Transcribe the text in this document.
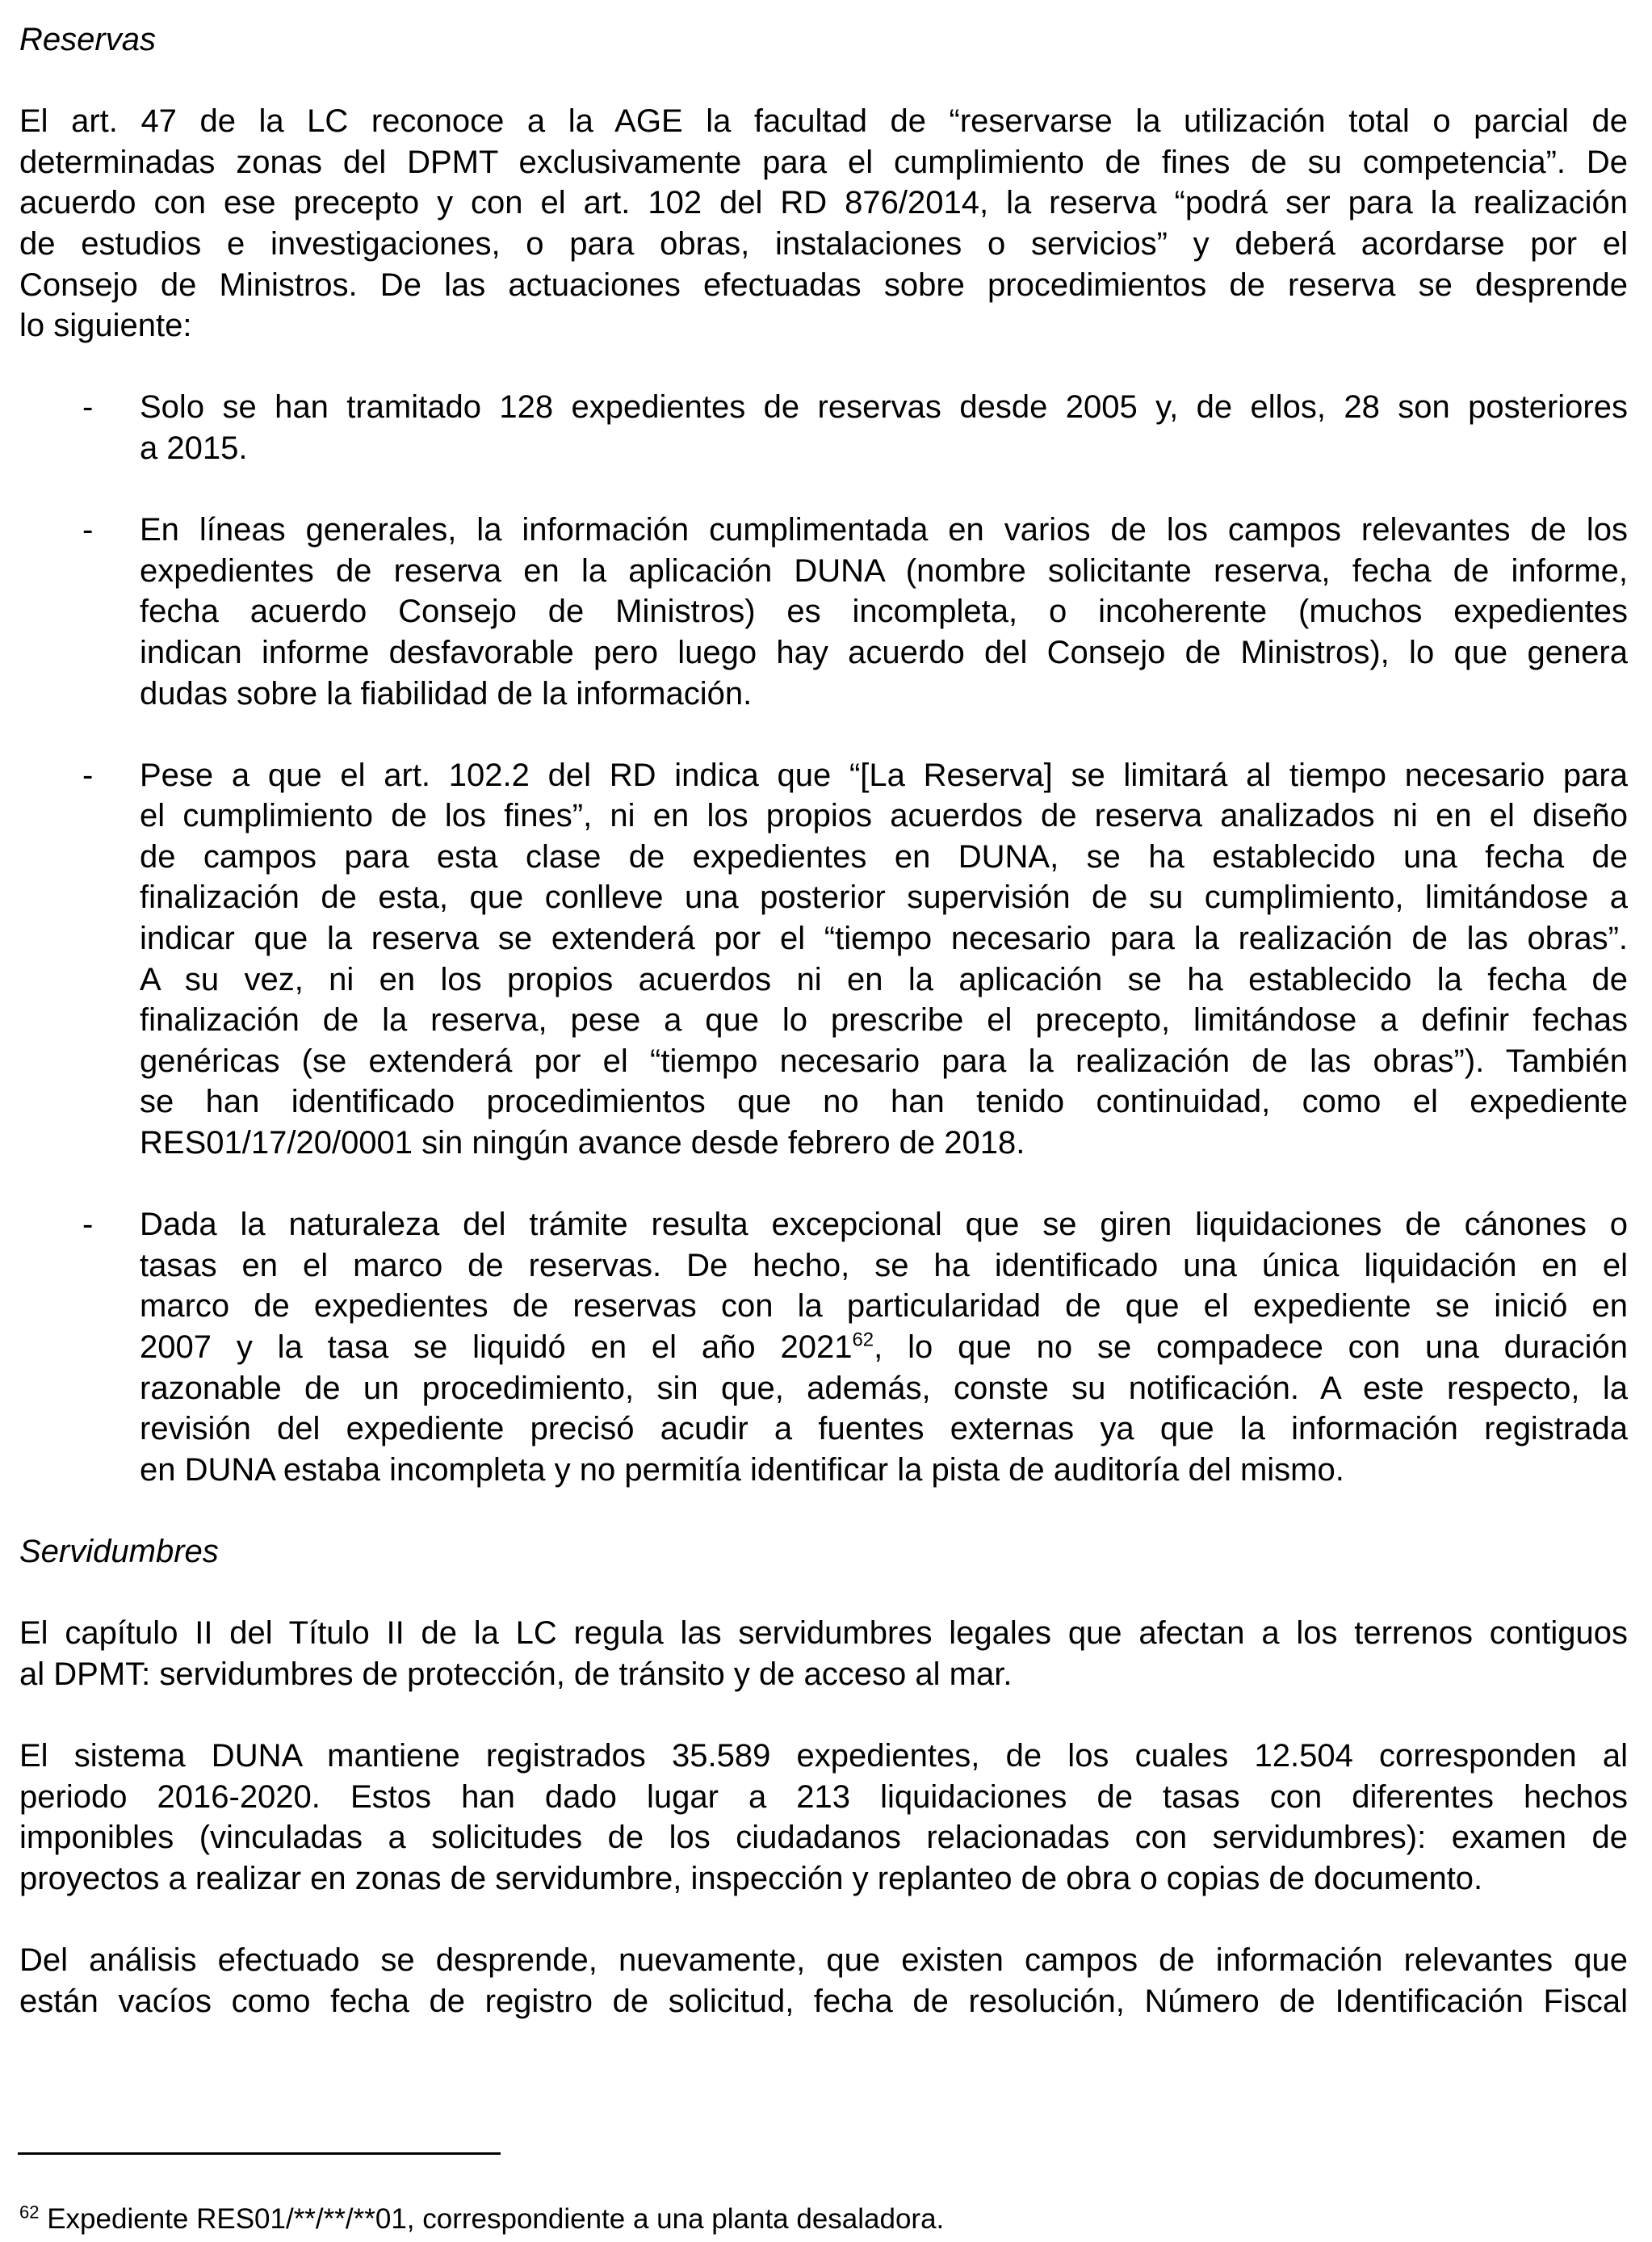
Reservas
El art. 47 de la LC reconoce a la AGE la facultad de “reservarse la utilización total o parcial de
determinadas zonas del DPMT exclusivamente para el cumplimiento de fines de su competencia”. De
acuerdo con ese precepto y con el art. 102 del RD 876/2014, la reserva “podrá ser para la realización
de estudios e investigaciones, o para obras, instalaciones o servicios” y deberá acordarse por el
Consejo de Ministros. De las actuaciones efectuadas sobre procedimientos de reserva se desprende
lo siguiente:
- Solo se han tramitado 128 expedientes de reservas desde 2005 y, de ellos, 28 son posteriores
a 2015.
- En líneas generales, la información cumplimentada en varios de los campos relevantes de los
expedientes de reserva en la aplicación DUNA (nombre solicitante reserva, fecha de informe,
fecha acuerdo Consejo de Ministros) es incompleta, o incoherente (muchos expedientes
indican informe desfavorable pero luego hay acuerdo del Consejo de Ministros), lo que genera
dudas sobre la fiabilidad de la información.
- Pese a que el art. 102.2 del RD indica que “[La Reserva] se limitará al tiempo necesario para
el cumplimiento de los fines”, ni en los propios acuerdos de reserva analizados ni en el diseño
de campos para esta clase de expedientes en DUNA, se ha establecido una fecha de
finalización de esta, que conlleve una posterior supervisión de su cumplimiento, limitándose a
indicar que la reserva se extenderá por el “tiempo necesario para la realización de las obras”.
A su vez, ni en los propios acuerdos ni en la aplicación se ha establecido la fecha de
finalización de la reserva, pese a que lo prescribe el precepto, limitándose a definir fechas
genéricas (se extenderá por el “tiempo necesario para la realización de las obras”). También
se han identificado procedimientos que no han tenido continuidad, como el expediente
RES01/17/20/0001 sin ningún avance desde febrero de 2018.
- Dada la naturaleza del trámite resulta excepcional que se giren liquidaciones de cánones o
tasas en el marco de reservas. De hecho, se ha identificado una única liquidación en el
marco de expedientes de reservas con la particularidad de que el expediente se inició en
2007 y la tasa se liquidó en el año 2021$^{62}$, lo que no se compadece con una duración
razonable de un procedimiento, sin que, además, conste su notificación. A este respecto, la
revisión del expediente precisó acudir a fuentes externas ya que la información registrada
en DUNA estaba incompleta y no permitía identificar la pista de auditoría del mismo.
Servidumbres
El capítulo II del Título II de la LC regula las servidumbres legales que afectan a los terrenos contiguos
al DPMT: servidumbres de protección, de tránsito y de acceso al mar.
El sistema DUNA mantiene registrados 35.589 expedientes, de los cuales 12.504 corresponden al
periodo 2016-2020. Estos han dado lugar a 213 liquidaciones de tasas con diferentes hechos
imponibles (vinculadas a solicitudes de los ciudadanos relacionadas con servidumbres): examen de
proyectos a realizar en zonas de servidumbre, inspección y replanteo de obra o copias de documento.
Del análisis efectuado se desprende, nuevamente, que existen campos de información relevantes que
están vacíos como fecha de registro de solicitud, fecha de resolución, Número de Identificación Fiscal
$^{62}$ Expediente RES01/**/**/**01, correspondiente a una planta desaladora.
